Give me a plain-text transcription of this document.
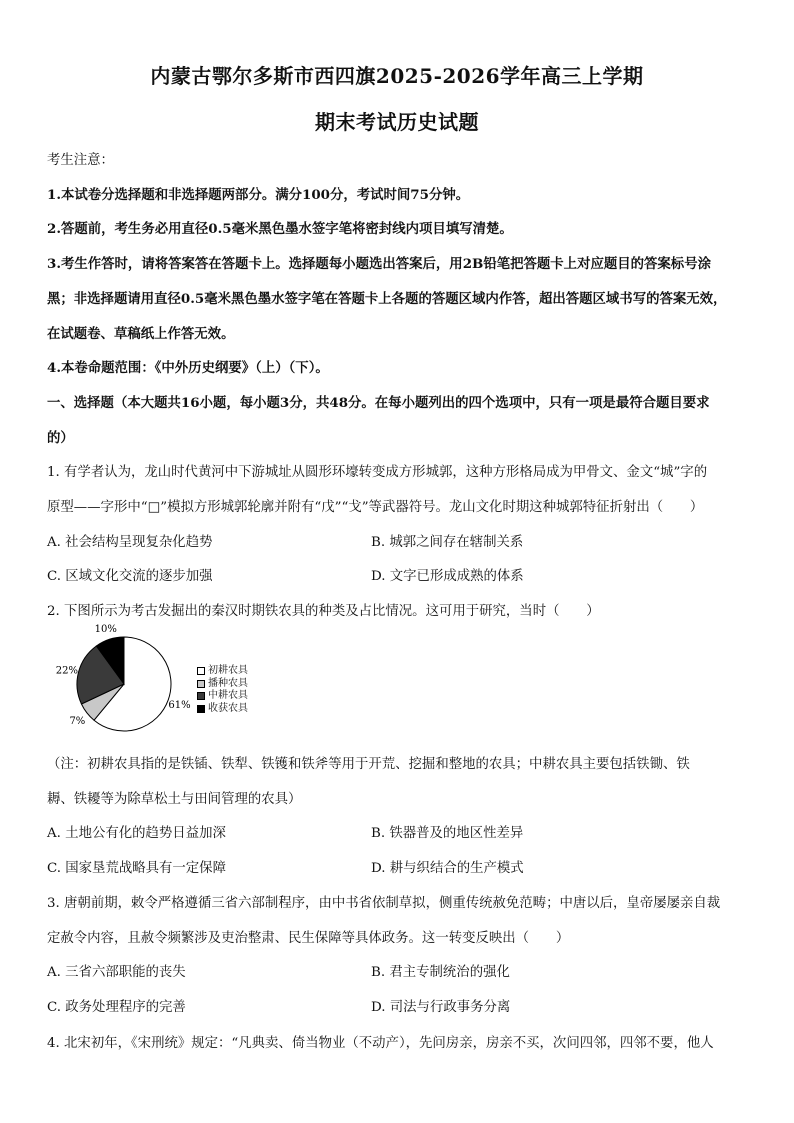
内蒙古鄂尔多斯市西四旗2025-2026学年高三上学期
期末考试历史试题
考生注意：
1.本试卷分选择题和非选择题两部分。满分100分，考试时间75分钟。
2.答题前，考生务必用直径0.5毫米黑色墨水签字笔将密封线内项目填写清楚。
3.考生作答时，请将答案答在答题卡上。选择题每小题选出答案后，用2B铅笔把答题卡上对应题目的答案标号涂
黑；非选择题请用直径0.5毫米黑色墨水签字笔在答题卡上各题的答题区域内作答，超出答题区域书写的答案无效，
在试题卷、草稿纸上作答无效。
4.本卷命题范围：《中外历史纲要》（上）（下）。
一、选择题（本大题共16小题，每小题3分，共48分。在每小题列出的四个选项中，只有一项是最符合题目要求
的）
1. 有学者认为，龙山时代黄河中下游城址从圆形环壕转变成方形城郭，这种方形格局成为甲骨文、金文“城”字的
原型——字形中“□”模拟方形城郭轮廓并附有“戊”“戈”等武器符号。龙山文化时期这种城郭特征折射出（　　）
A. 社会结构呈现复杂化趋势	B. 城郭之间存在辖制关系
C. 区域文化交流的逐步加强	D. 文字已形成成熟的体系
2. 下图所示为考古发掘出的秦汉时期铁农具的种类及占比情况。这可用于研究，当时（　　）
61%
7%
22%
10%
初耕农具
播种农具
中耕农具
收获农具
（注：初耕农具指的是铁锸、铁犁、铁镬和铁斧等用于开荒、挖掘和整地的农具；中耕农具主要包括铁锄、铁
耨、铁耰等为除草松土与田间管理的农具）
A. 土地公有化的趋势日益加深	B. 铁器普及的地区性差异
C. 国家垦荒战略具有一定保障	D. 耕与织结合的生产模式
3. 唐朝前期，敕令严格遵循三省六部制程序，由中书省依制草拟，侧重传统赦免范畴；中唐以后，皇帝屡屡亲自裁
定赦令内容，且赦令频繁涉及吏治整肃、民生保障等具体政务。这一转变反映出（　　）
A. 三省六部职能的丧失	B. 君主专制统治的强化
C. 政务处理程序的完善	D. 司法与行政事务分离
4. 北宋初年，《宋刑统》规定：“凡典卖、倚当物业（不动产），先问房亲，房亲不买，次问四邻，四邻不要，他人
